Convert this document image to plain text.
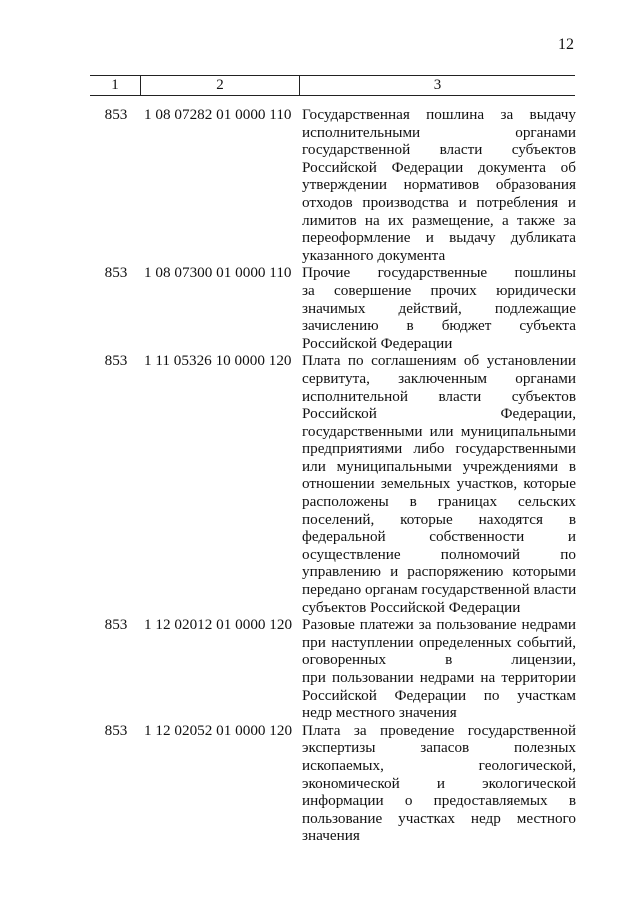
12
1	2	3
853	1 08 07282 01 0000 110 Государственная пошлина за выдачу
исполнительными органами
государственной власти субъектов
Российской Федерации документа об
утверждении нормативов образования
отходов производства и потребления и
лимитов на их размещение, а также за
переоформление и выдачу дубликата
указанного документа
853	1 08 07300 01 0000 110 Прочие государственные пошлины
за совершение прочих юридически
значимых действий, подлежащие
зачислению в бюджет субъекта
Российской Федерации
853	1 11 05326 10 0000 120 Плата по соглашениям об установлении
сервитута, заключенным органами
исполнительной власти субъектов
Российской Федерации,
государственными или муниципальными
предприятиями либо государственными
или муниципальными учреждениями в
отношении земельных участков, которые
расположены в границах сельских
поселений, которые находятся в
федеральной собственности и
осуществление полномочий по
управлению и распоряжению которыми
передано органам государственной власти
субъектов Российской Федерации
853	1 12 02012 01 0000 120 Разовые платежи за пользование недрами
при наступлении определенных событий,
оговоренных в лицензии,
при пользовании недрами на территории
Российской Федерации по участкам
недр местного значения
853	1 12 02052 01 0000 120 Плата за проведение государственной
экспертизы запасов полезных
ископаемых, геологической,
экономической и экологической
информации о предоставляемых в
пользование участках недр местного
значения
